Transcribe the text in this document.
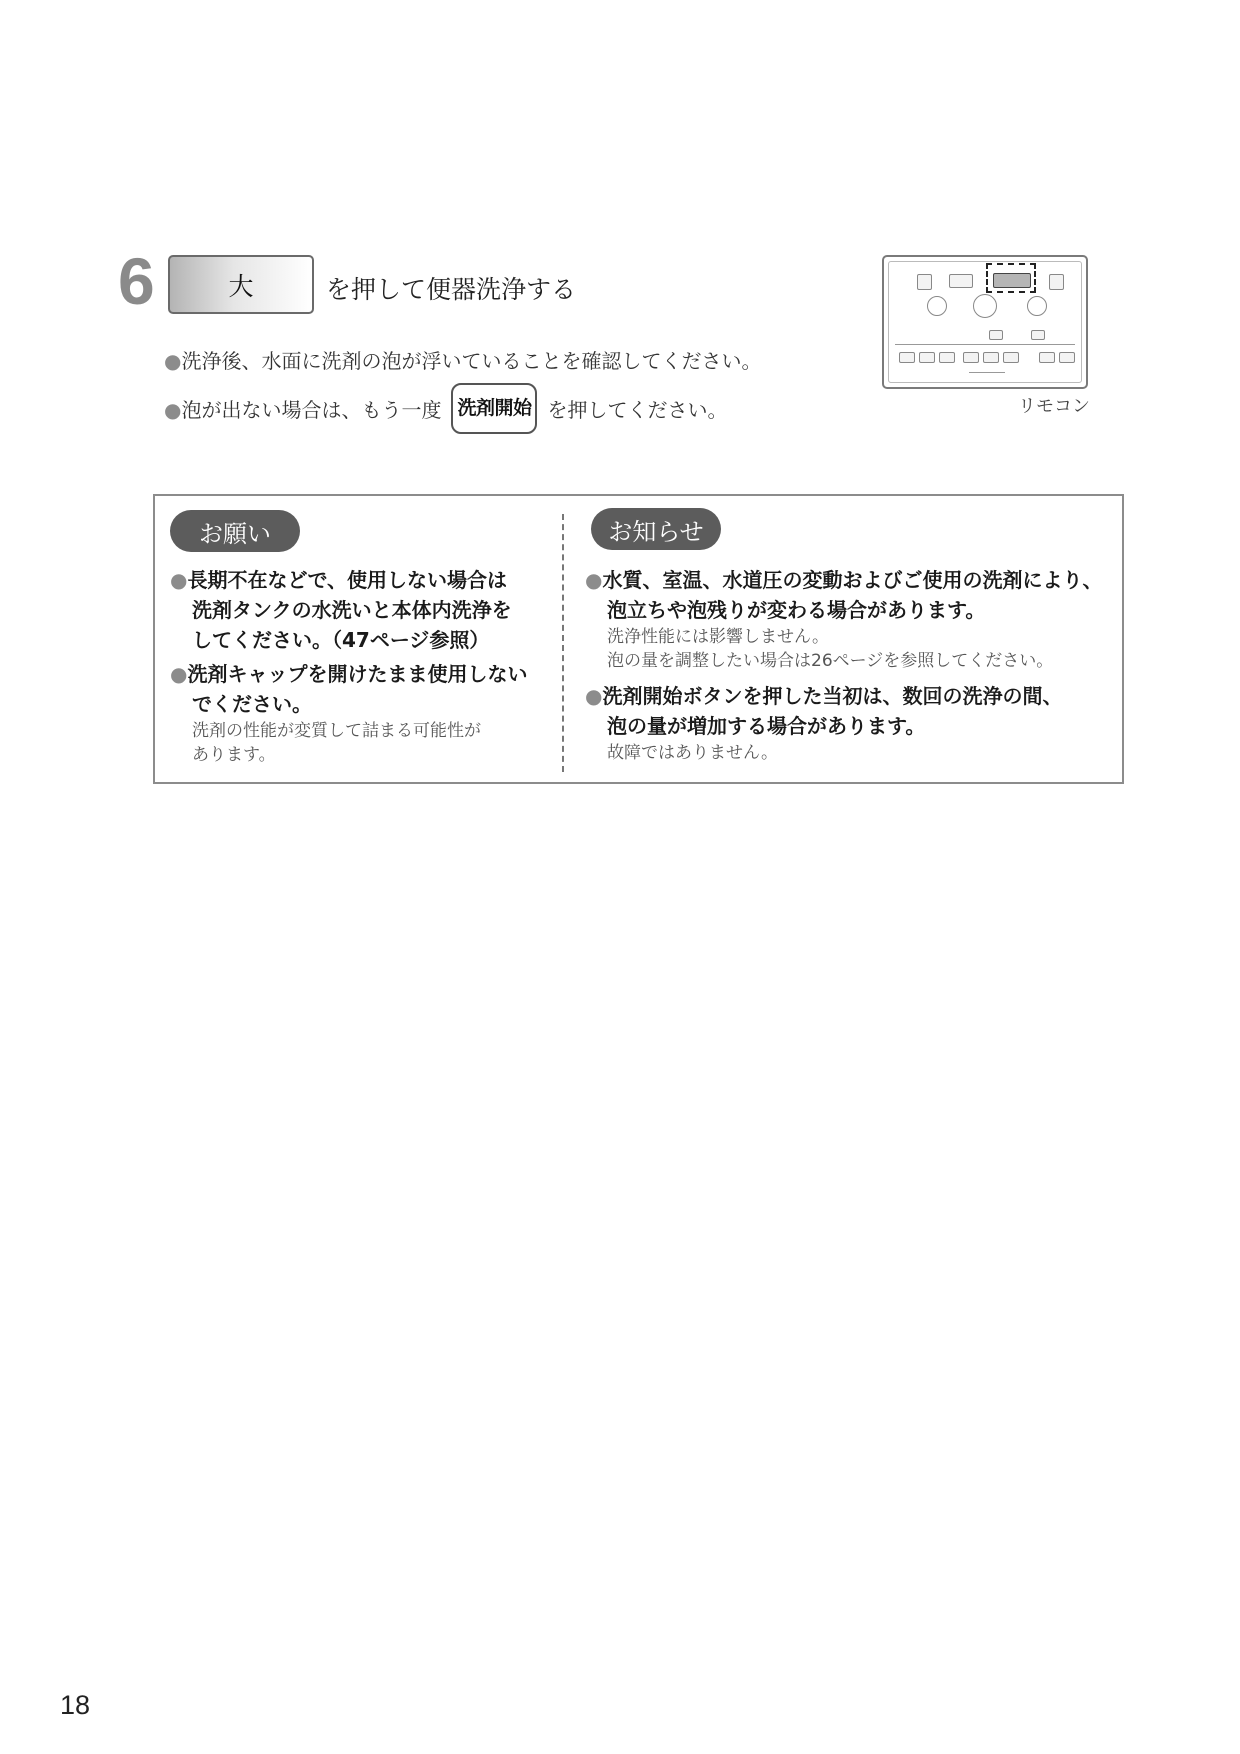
6	大	を押して便器洗浄する
●洗浄後、水面に洗剤の泡が浮いていることを確認してください。
●泡が出ない場合は、もう一度 洗剤開始 を押してください。	リモコン
お願い
●長期不在などで、使用しない場合は
洗剤タンクの水洗いと本体内洗浄を
してください。（47ページ参照）
●洗剤キャップを開けたまま使用しない
でください。
洗剤の性能が変質して詰まる可能性が
あります。
お知らせ
●水質、室温、水道圧の変動およびご使用の洗剤により、
泡立ちや泡残りが変わる場合があります。
洗浄性能には影響しません。
泡の量を調整したい場合は26ページを参照してください。
●洗剤開始ボタンを押した当初は、数回の洗浄の間、
泡の量が増加する場合があります。
故障ではありません。
18
